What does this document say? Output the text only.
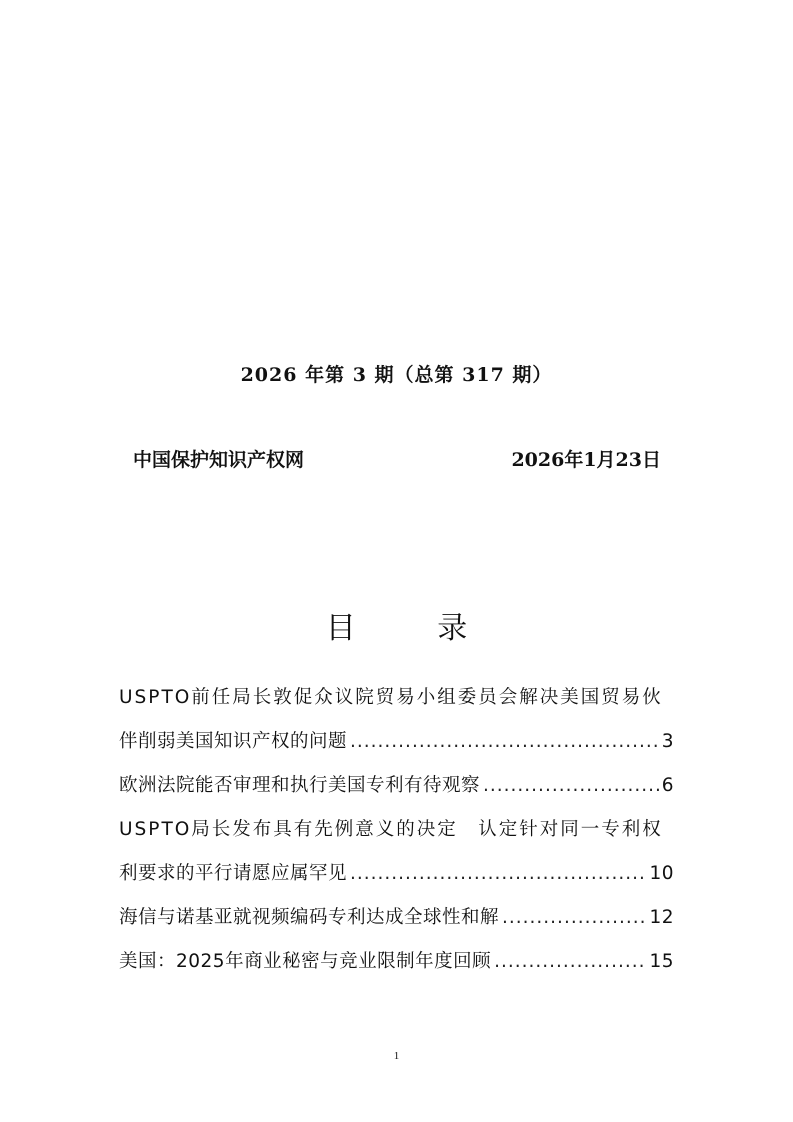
2026 年第 3 期（总第 317 期）
中国保护知识产权网	2026年1月23日
目 录
USPTO前任局长敦促众议院贸易小组委员会解决美国贸易伙
伴削弱美国知识产权的问题 .....	3
欧洲法院能否审理和执行美国专利有待观察 .....	6
USPTO局长发布具有先例意义的决定　认定针对同一专利权
利要求的平行请愿应属罕见 .....	10
海信与诺基亚就视频编码专利达成全球性和解 .....	12
美国：2025年商业秘密与竞业限制年度回顾 .....	15
1
